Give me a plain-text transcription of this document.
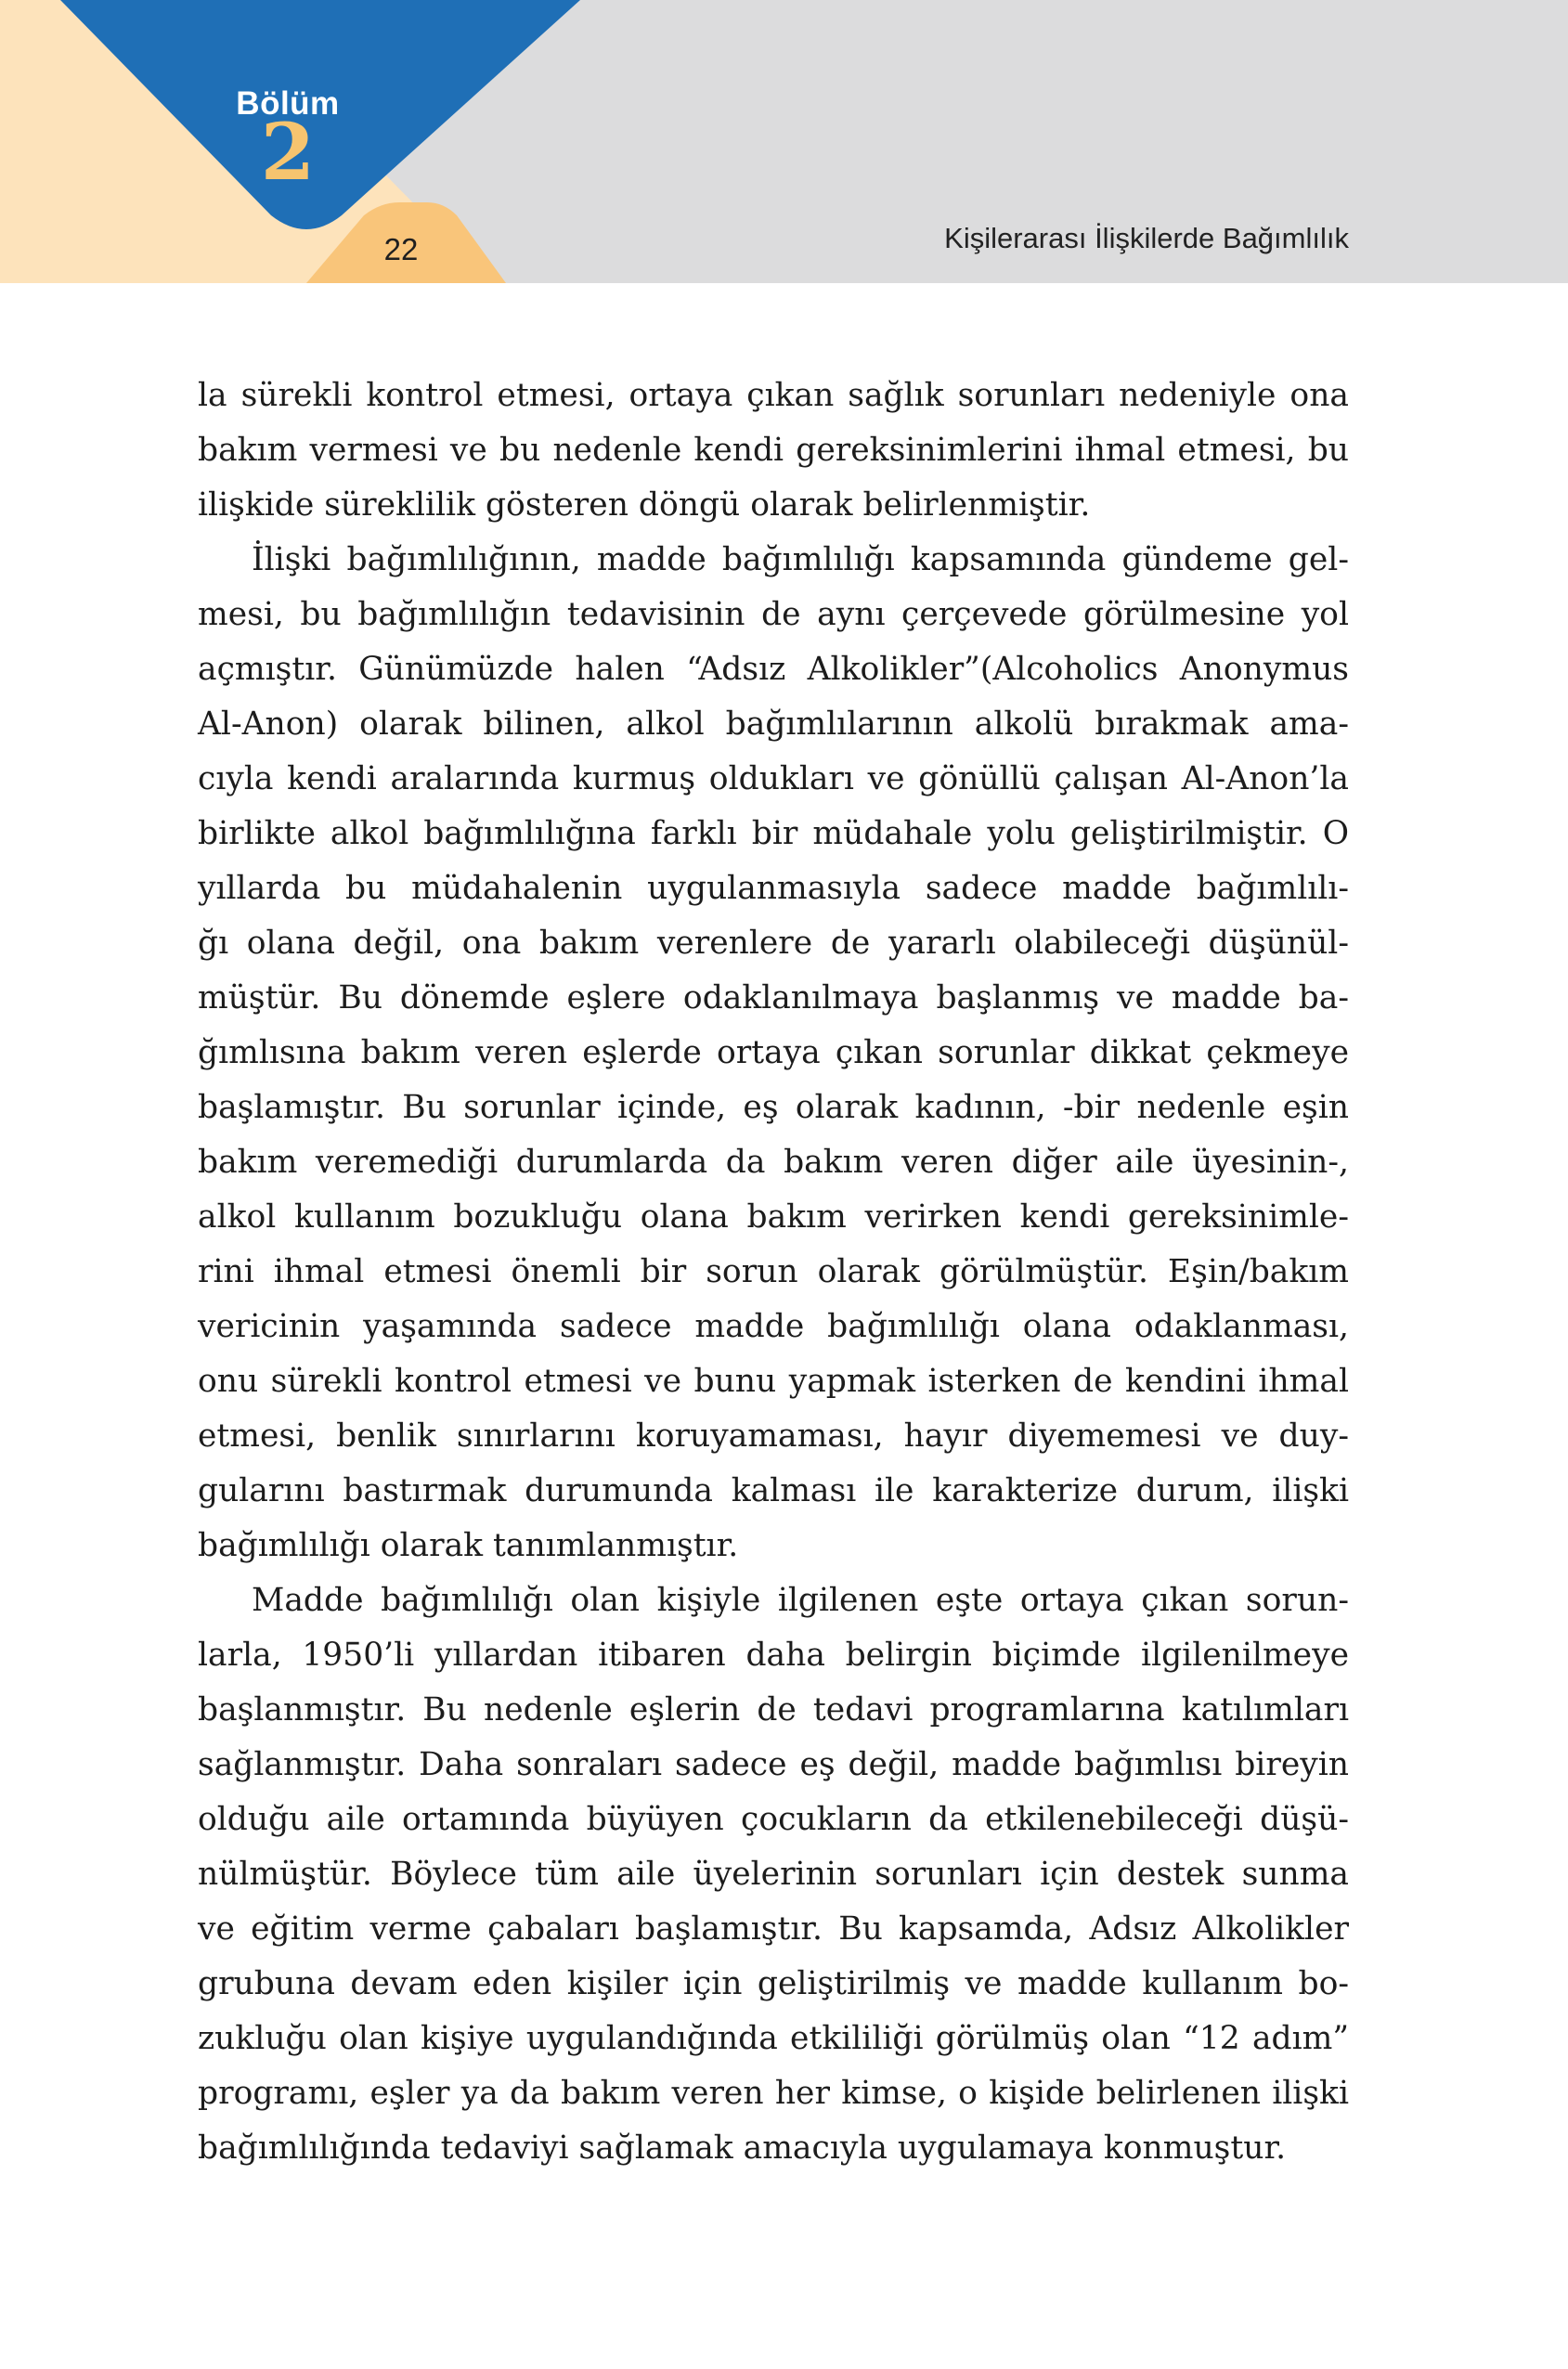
Bölüm
2
22	Kişilerarası İlişkilerde Bağımlılık
la sürekli kontrol etmesi, ortaya çıkan sağlık sorunları nedeniyle ona
bakım vermesi ve bu nedenle kendi gereksinimlerini ihmal etmesi, bu
ilişkide süreklilik gösteren döngü olarak belirlenmiştir.
İlişki bağımlılığının, madde bağımlılığı kapsamında gündeme gel-
mesi, bu bağımlılığın tedavisinin de aynı çerçevede görülmesine yol
açmıştır. Günümüzde halen “Adsız Alkolikler”(Alcoholics Anonymus
Al-Anon) olarak bilinen, alkol bağımlılarının alkolü bırakmak ama-
cıyla kendi aralarında kurmuş oldukları ve gönüllü çalışan Al-Anon’la
birlikte alkol bağımlılığına farklı bir müdahale yolu geliştirilmiştir. O
yıllarda bu müdahalenin uygulanmasıyla sadece madde bağımlılı-
ğı olana değil, ona bakım verenlere de yararlı olabileceği düşünül-
müştür. Bu dönemde eşlere odaklanılmaya başlanmış ve madde ba-
ğımlısına bakım veren eşlerde ortaya çıkan sorunlar dikkat çekmeye
başlamıştır. Bu sorunlar içinde, eş olarak kadının, -bir nedenle eşin
bakım veremediği durumlarda da bakım veren diğer aile üyesinin-,
alkol kullanım bozukluğu olana bakım verirken kendi gereksinimle-
rini ihmal etmesi önemli bir sorun olarak görülmüştür. Eşin/bakım
vericinin yaşamında sadece madde bağımlılığı olana odaklanması,
onu sürekli kontrol etmesi ve bunu yapmak isterken de kendini ihmal
etmesi, benlik sınırlarını koruyamaması, hayır diyememesi ve duy-
gularını bastırmak durumunda kalması ile karakterize durum, ilişki
bağımlılığı olarak tanımlanmıştır.
Madde bağımlılığı olan kişiyle ilgilenen eşte ortaya çıkan sorun-
larla, 1950’li yıllardan itibaren daha belirgin biçimde ilgilenilmeye
başlanmıştır. Bu nedenle eşlerin de tedavi programlarına katılımları
sağlanmıştır. Daha sonraları sadece eş değil, madde bağımlısı bireyin
olduğu aile ortamında büyüyen çocukların da etkilenebileceği düşü-
nülmüştür. Böylece tüm aile üyelerinin sorunları için destek sunma
ve eğitim verme çabaları başlamıştır. Bu kapsamda, Adsız Alkolikler
grubuna devam eden kişiler için geliştirilmiş ve madde kullanım bo-
zukluğu olan kişiye uygulandığında etkililiği görülmüş olan “12 adım”
programı, eşler ya da bakım veren her kimse, o kişide belirlenen ilişki
bağımlılığında tedaviyi sağlamak amacıyla uygulamaya konmuştur.
